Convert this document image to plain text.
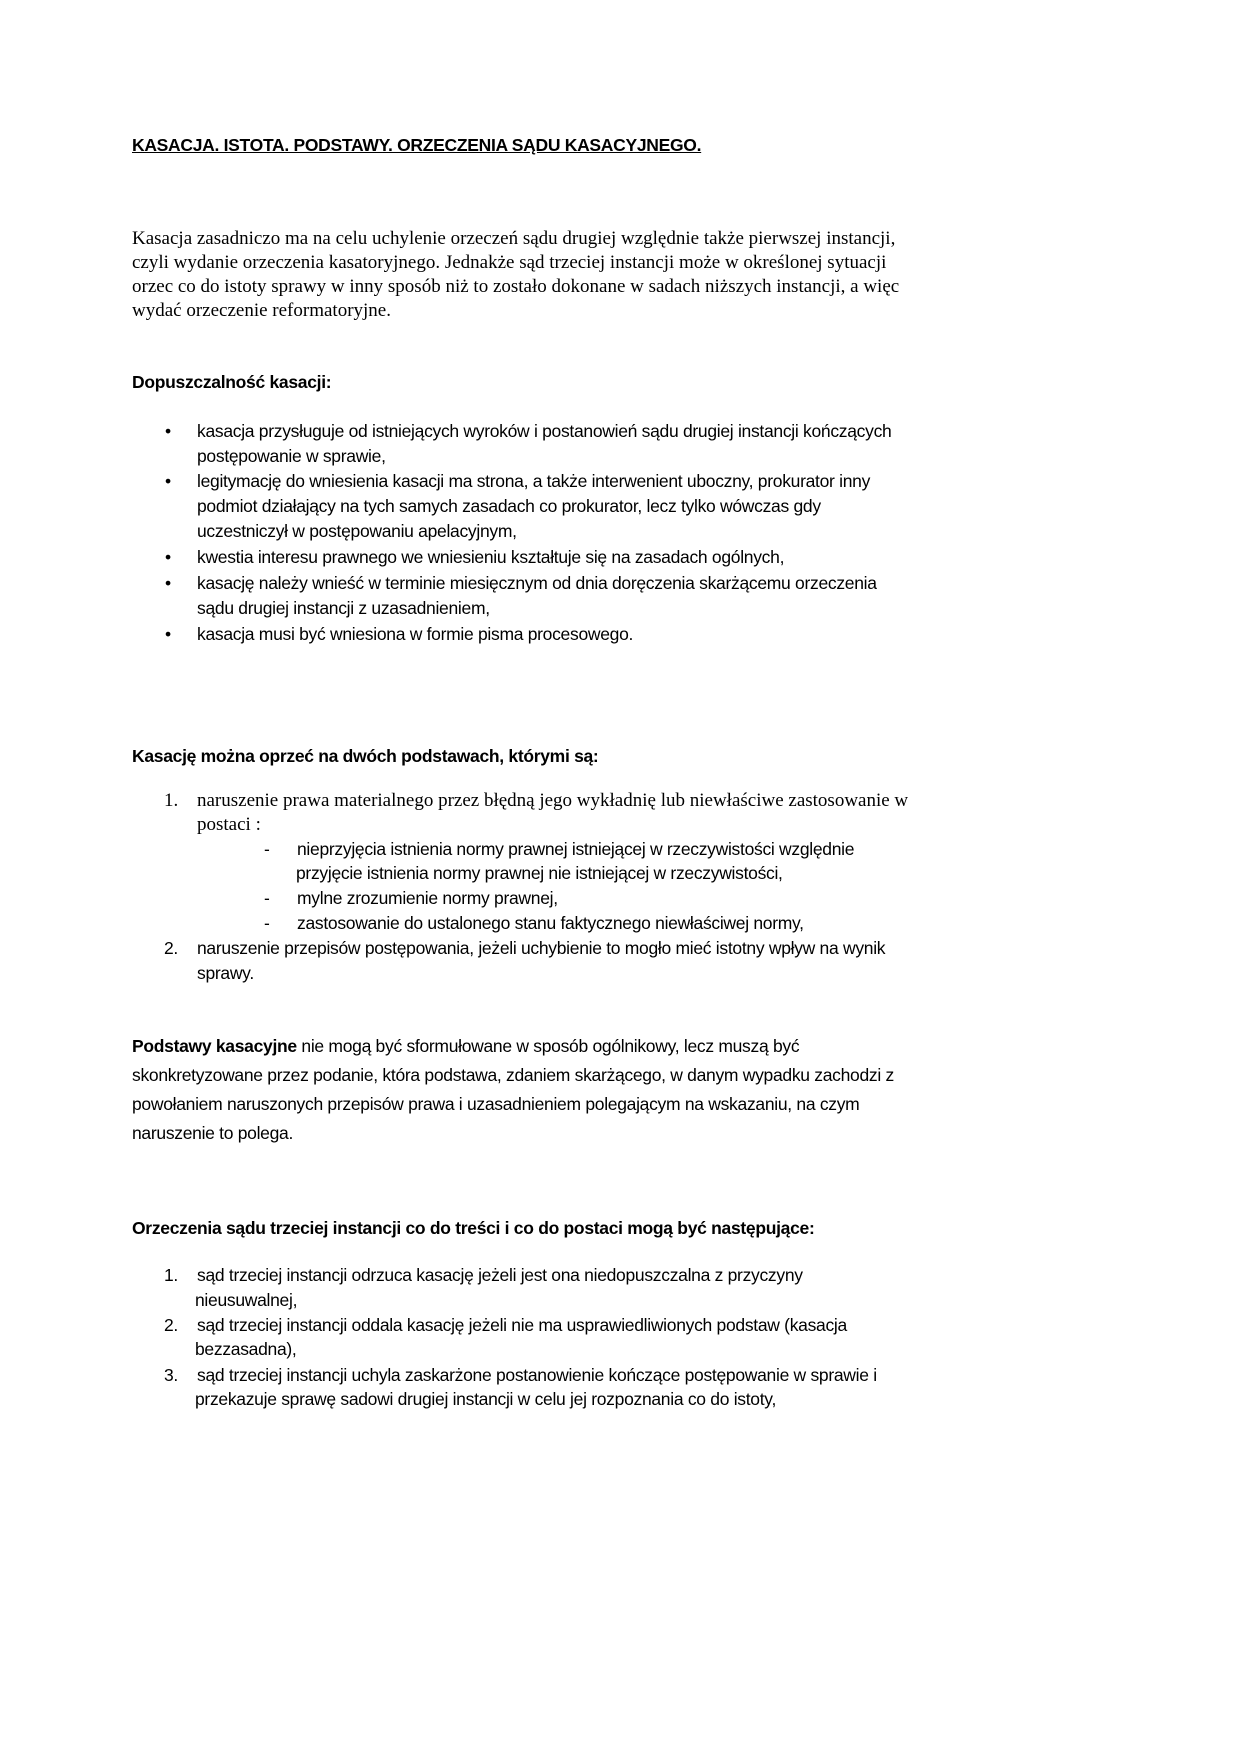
KASACJA. ISTOTA. PODSTAWY. ORZECZENIA SĄDU KASACYJNEGO.
Kasacja zasadniczo ma na celu uchylenie orzeczeń sądu drugiej względnie także pierwszej instancji,
czyli wydanie orzeczenia kasatoryjnego. Jednakże sąd trzeciej instancji może w określonej sytuacji
orzec co do istoty sprawy w inny sposób niż to zostało dokonane w sadach niższych instancji, a więc
wydać orzeczenie reformatoryjne.
Dopuszczalność kasacji:
• kasacja przysługuje od istniejących wyroków i postanowień sądu drugiej instancji kończących
postępowanie w sprawie,
• legitymację do wniesienia kasacji ma strona, a także interwenient uboczny, prokurator inny
podmiot działający na tych samych zasadach co prokurator, lecz tylko wówczas gdy
uczestniczył w postępowaniu apelacyjnym,
• kwestia interesu prawnego we wniesieniu kształtuje się na zasadach ogólnych,
• kasację należy wnieść w terminie miesięcznym od dnia doręczenia skarżącemu orzeczenia
sądu drugiej instancji z uzasadnieniem,
• kasacja musi być wniesiona w formie pisma procesowego.
Kasację można oprzeć na dwóch podstawach, którymi są:
1. naruszenie prawa materialnego przez błędną jego wykładnię lub niewłaściwe zastosowanie w
postaci :
- nieprzyjęcia istnienia normy prawnej istniejącej w rzeczywistości względnie
przyjęcie istnienia normy prawnej nie istniejącej w rzeczywistości,
- mylne zrozumienie normy prawnej,
- zastosowanie do ustalonego stanu faktycznego niewłaściwej normy,
2. naruszenie przepisów postępowania, jeżeli uchybienie to mogło mieć istotny wpływ na wynik
sprawy.
Podstawy kasacyjne nie mogą być sformułowane w sposób ogólnikowy, lecz muszą być
skonkretyzowane przez podanie, która podstawa, zdaniem skarżącego, w danym wypadku zachodzi z
powołaniem naruszonych przepisów prawa i uzasadnieniem polegającym na wskazaniu, na czym
naruszenie to polega.
Orzeczenia sądu trzeciej instancji co do treści i co do postaci mogą być następujące:
1. sąd trzeciej instancji odrzuca kasację jeżeli jest ona niedopuszczalna z przyczyny
nieusuwalnej,
2. sąd trzeciej instancji oddala kasację jeżeli nie ma usprawiedliwionych podstaw (kasacja
bezzasadna),
3. sąd trzeciej instancji uchyla zaskarżone postanowienie kończące postępowanie w sprawie i
przekazuje sprawę sadowi drugiej instancji w celu jej rozpoznania co do istoty,
